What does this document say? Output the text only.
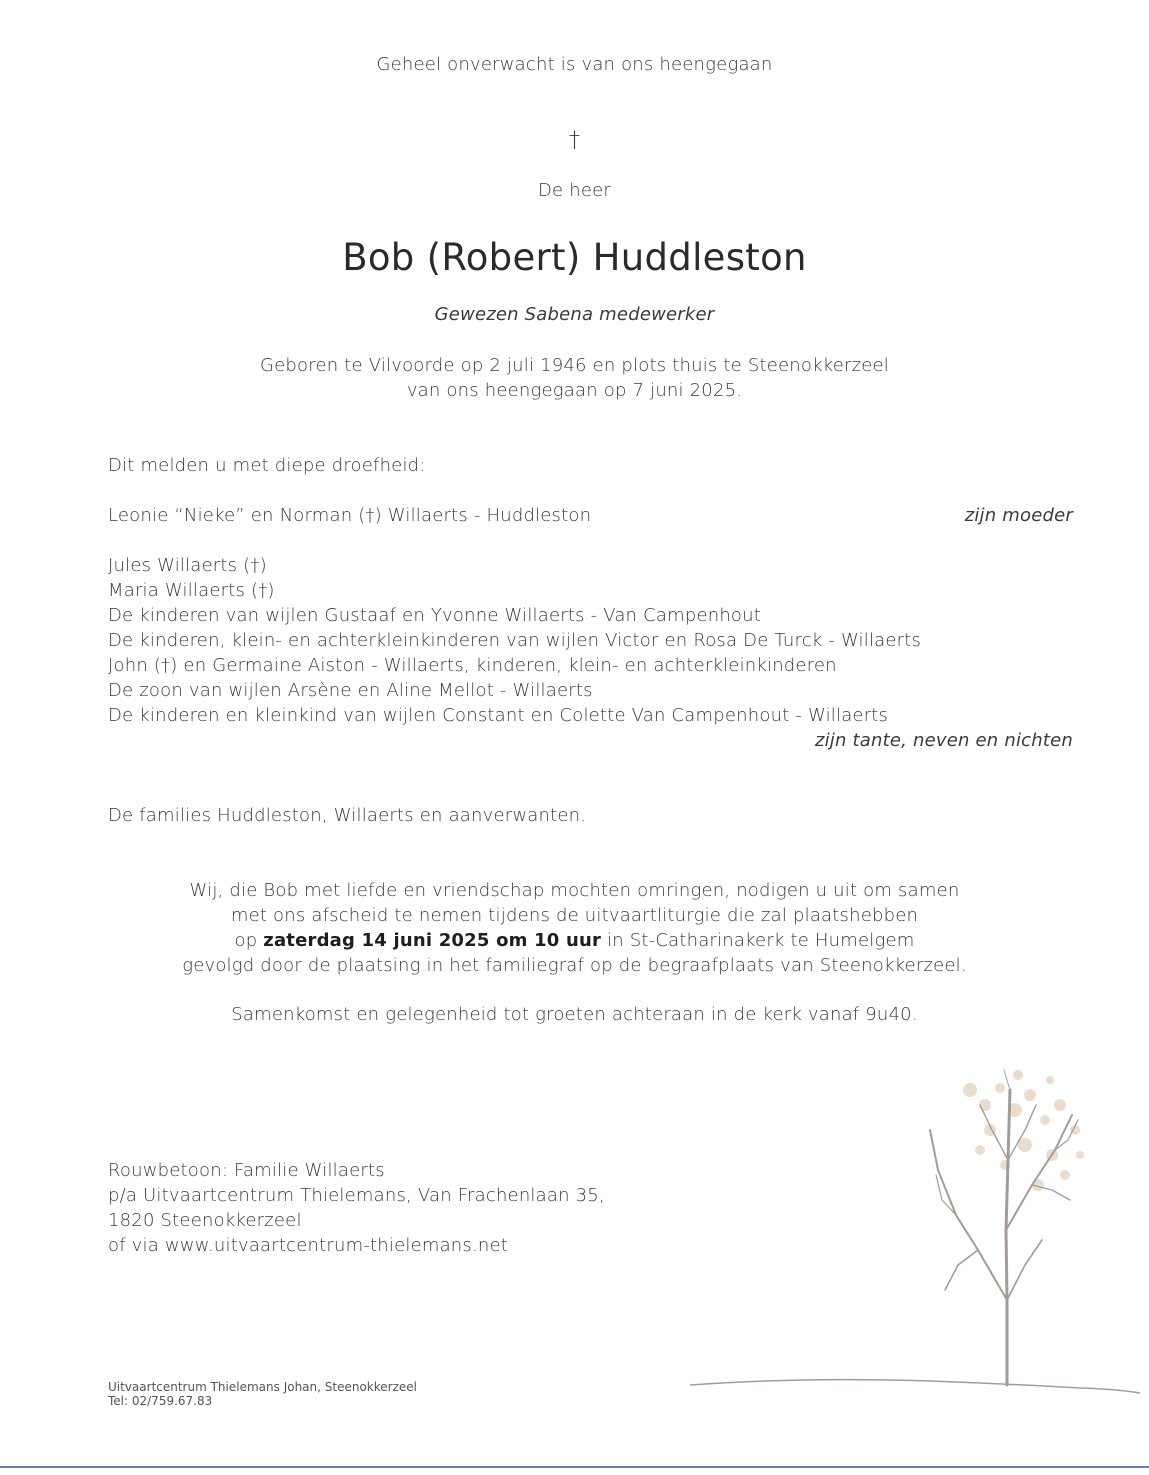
Geheel onverwacht is van ons heengegaan
†
De heer
Bob (Robert) Huddleston
Gewezen Sabena medewerker
Geboren te Vilvoorde op 2 juli 1946 en plots thuis te Steenokkerzeel
van ons heengegaan op 7 juni 2025.
Dit melden u met diepe droefheid:
Leonie “Nieke” en Norman (†) Willaerts - Huddleston	zijn moeder
Jules Willaerts (†)
Maria Willaerts (†)
De kinderen van wijlen Gustaaf en Yvonne Willaerts - Van Campenhout
De kinderen, klein- en achterkleinkinderen van wijlen Victor en Rosa De Turck - Willaerts
John (†) en Germaine Aiston - Willaerts, kinderen, klein- en achterkleinkinderen
De zoon van wijlen Arsène en Aline Mellot - Willaerts
De kinderen en kleinkind van wijlen Constant en Colette Van Campenhout - Willaerts
zijn tante, neven en nichten
De families Huddleston, Willaerts en aanverwanten.
Wij, die Bob met liefde en vriendschap mochten omringen, nodigen u uit om samen
met ons afscheid te nemen tijdens de uitvaartliturgie die zal plaatshebben
op zaterdag 14 juni 2025 om 10 uur in St-Catharinakerk te Humelgem
gevolgd door de plaatsing in het familiegraf op de begraafplaats van Steenokkerzeel.
Samenkomst en gelegenheid tot groeten achteraan in de kerk vanaf 9u40.
Rouwbetoon: Familie Willaerts
p/a Uitvaartcentrum Thielemans, Van Frachenlaan 35,
1820 Steenokkerzeel
of via www.uitvaartcentrum-thielemans.net
Uitvaartcentrum Thielemans Johan, Steenokkerzeel
Tel: 02/759.67.83
